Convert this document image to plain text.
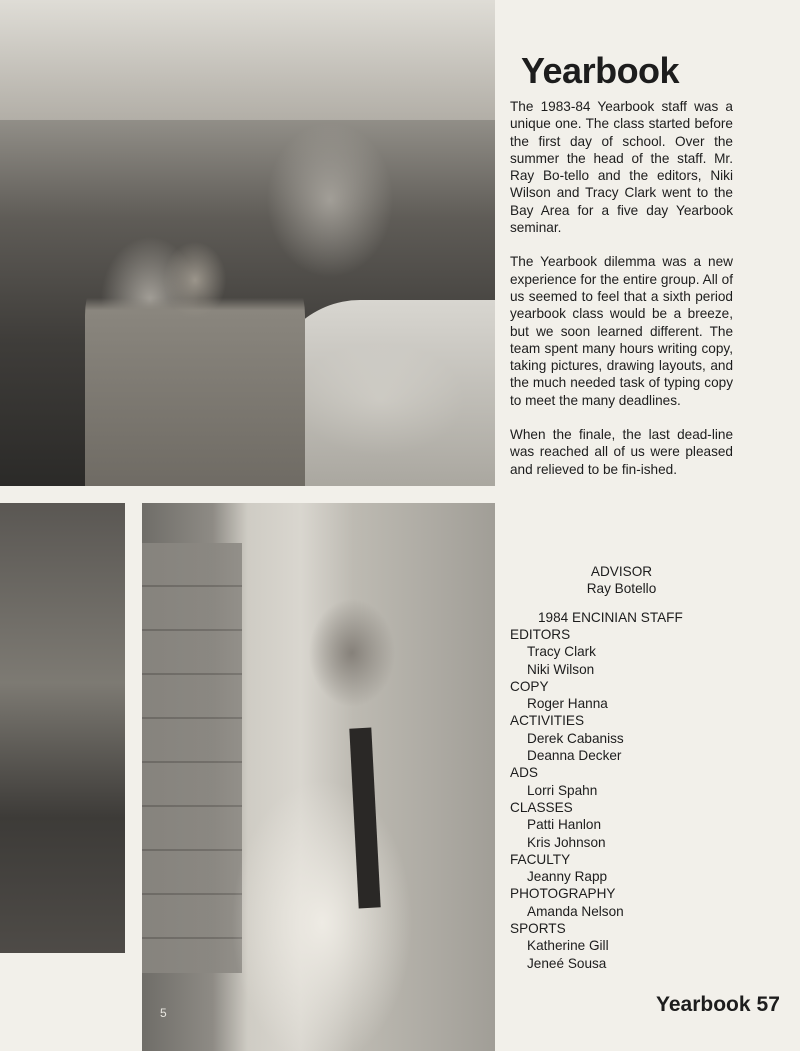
5
Yearbook

The 1983-84 Yearbook staff was a unique one. The class started before the first day of school. Over the summer the head of the staff. Mr. Ray Bo-tello and the editors, Niki Wilson and Tracy Clark went to the Bay Area for a five day Yearbook seminar.

The Yearbook dilemma was a new experience for the entire group. All of us seemed to feel that a sixth period yearbook class would be a breeze, but we soon learned different. The team spent many hours writing copy, taking pictures, drawing layouts, and the much needed task of typing copy to meet the many deadlines.

When the finale, the last dead-line was reached all of us were pleased and relieved to be fin-ished.

ADVISOR
Ray Botello
1984 ENCINIAN STAFF
EDITORS
Tracy Clark
Niki Wilson
COPY
Roger Hanna
ACTIVITIES
Derek Cabaniss
Deanna Decker
ADS
Lorri Spahn
CLASSES
Patti Hanlon
Kris Johnson
FACULTY
Jeanny Rapp
PHOTOGRAPHY
Amanda Nelson
SPORTS
Katherine Gill
Jeneé Sousa
Yearbook 57
